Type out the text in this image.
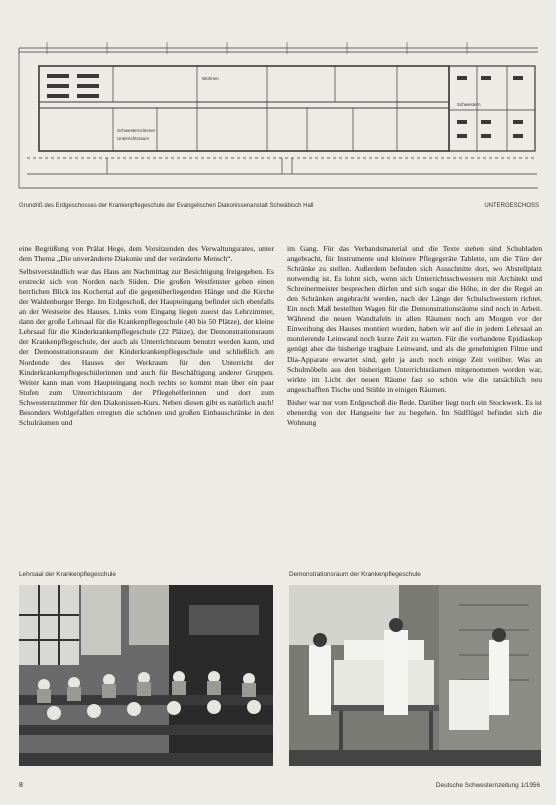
Schwesternzimmer
Unterrichtsraum
Schwestern
Wohnen
Grundriß des Erdgeschosses der Krankenpflegeschule der Evangelischen Diakonissenanstalt Schwäbisch Hall	UNTERGESCHOSS

eine Begrüßung von Prälat Hege, dem Vorsitzenden des Verwaltungsrates, unter dem Thema „Die unveränderte Diakonie und der veränderte Mensch“.

Selbstverständlich war das Haus am Nachmittag zur Besichtigung freigegeben. Es erstreckt sich von Norden nach Süden. Die großen Westfenster geben einen herrlichen Blick ins Kochertal auf die gegenüberliegenden Hänge und die Kirche der Waldenburger Berge. Im Erdgeschoß, der Haupteingang befindet sich ebenfalls an der Westseite des Hauses. Links vom Eingang liegen zuerst das Lehrzimmer, dann der große Lehrsaal für die Krankenpflegeschule (40 bis 50 Plätze), der kleine Lehrsaal für die Kinderkrankenpflegeschule (22 Plätze), der Demonstrationsraum der Krankenpflegeschule, der auch als Unterrichtsraum benutzt werden kann, und der Demonstrationsraum der Kinderkrankenpflegeschule und schließlich am Nordende des Hauses der Werkraum für den Unterricht der Kinderkrankenpflegeschülerinnen und auch für Beschäftigung anderer Gruppen. Weiter kann man vom Haupteingang noch rechts so kommt man über ein paar Stufen zum Unterrichtsraum der Pflegehelferinnen und dort zum Schwesternzimmer für den Diakonissen-Kurs. Neben diesen gibt es natürlich auch! Besonders Wohlgefallen erregten die schönen und großen Einbauschränke in den Schulräumen und

im Gang. Für das Verbandsmaterial und die Texte stehen sind Schubladen angebracht, für Instrumente und kleinere Pflegegeräte Tablette, um die Türe der Schränke zu stellen. Außerdem befinden sich Ausschnitte dort, wo Abstellplatz notwendig ist. Es lohnt sich, wenn sich Unterrichtsschwestern mit Architekt und Schreinermeister besprechen dürfen und sich sogar die Höhe, in der die Regel an den Schränken angebracht werden, nach der Länge der Schulschwestern richtet. Ein noch Maß bestellten Wagen für die Demonstrationsräume sind noch in Arbeit. Während die neuen Wandtafeln in allen Räumen noch am Morgen vor der Einweihung des Hauses montiert wurden, haben wir auf die in jedem Lehrsaal an montierende Leinwand noch kurze Zeit zu warten. Für die vorhandene Epidiaskop genügt aber die bisherige tragbare Leinwand, und als die genehmigten Filme und Dia-Apparate erwartet sind, geht ja auch noch einige Zeit vorüber. Was an Schulmöbeln aus den bisherigen Unterrichtsräumen mitgenommen worden war, wirkte im Licht der neuen Räume fast so schön wie die tatsächlich neu angeschafften Tische und Stühle in einigen Räumen.

Bisher war nur vom Erdgeschoß die Rede. Darüber liegt noch ein Stockwerk. Es ist ebenerdig von der Hangseite her zu begehen. Im Südflügel befindet sich die Wohnung

Lehrsaal der Krankenpflegeschule	Demonstrationsraum der Krankenpflegeschule
8	Deutsche Schwesternzeitung 1/1956
